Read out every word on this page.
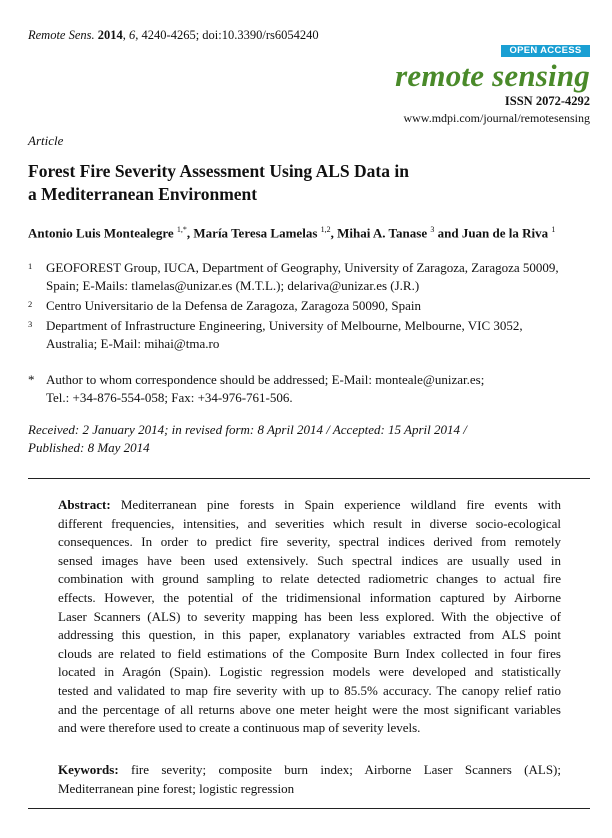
Remote Sens. 2014, 6, 4240-4265; doi:10.3390/rs6054240
OPEN ACCESS
remote sensing
ISSN 2072-4292
www.mdpi.com/journal/remotesensing
Article
Forest Fire Severity Assessment Using ALS Data in
a Mediterranean Environment
Antonio Luis Montealegre $^{1,*}$, María Teresa Lamelas $^{1,2}$, Mihai A. Tanase $^3$ and Juan de la Riva $^1$
1 GEOFOREST Group, IUCA, Department of Geography, University of Zaragoza, Zaragoza 50009,
Spain; E-Mails: tlamelas@unizar.es (M.T.L.); delariva@unizar.es (J.R.)
2 Centro Universitario de la Defensa de Zaragoza, Zaragoza 50090, Spain
3 Department of Infrastructure Engineering, University of Melbourne, Melbourne, VIC 3052,
Australia; E-Mail: mihai@tma.ro
* Author to whom correspondence should be addressed; E-Mail: monteale@unizar.es;
Tel.: +34-876-554-058; Fax: +34-976-761-506.
Received: 2 January 2014; in revised form: 8 April 2014 / Accepted: 15 April 2014 /
Published: 8 May 2014
Abstract: Mediterranean pine forests in Spain experience wildland fire events with
different frequencies, intensities, and severities which result in diverse socio-ecological
consequences. In order to predict fire severity, spectral indices derived from remotely
sensed images have been used extensively. Such spectral indices are usually used in
combination with ground sampling to relate detected radiometric changes to actual fire
effects. However, the potential of the tridimensional information captured by Airborne
Laser Scanners (ALS) to severity mapping has been less explored. With the objective of
addressing this question, in this paper, explanatory variables extracted from ALS point
clouds are related to field estimations of the Composite Burn Index collected in four fires
located in Aragón (Spain). Logistic regression models were developed and statistically
tested and validated to map fire severity with up to 85.5% accuracy. The canopy relief ratio
and the percentage of all returns above one meter height were the most significant variables
and were therefore used to create a continuous map of severity levels.
Keywords: fire severity; composite burn index; Airborne Laser Scanners (ALS);
Mediterranean pine forest; logistic regression
